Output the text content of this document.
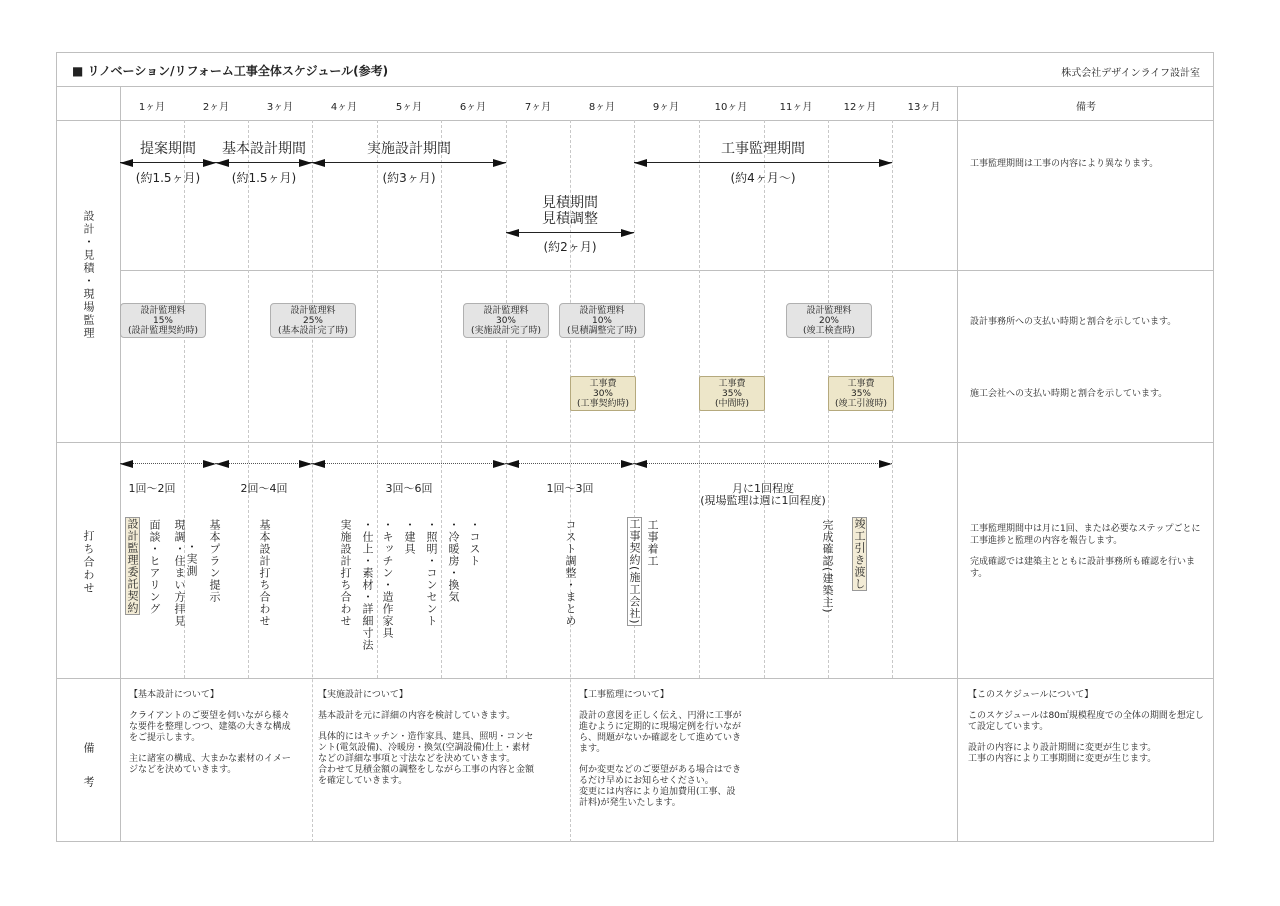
■ リノベーション/リフォーム工事全体スケジュール(参考)	株式会社デザインライフ設計室
1ヶ月	2ヶ月	3ヶ月	4ヶ月	5ヶ月	6ヶ月	7ヶ月	8ヶ月	9ヶ月	10ヶ月	11ヶ月	12ヶ月	13ヶ月	備考
設計・見積・現場監理
打ち合わせ
備　考
提案期間	基本設計期間	実施設計期間	工事監理期間
(約1.5ヶ月)	(約1.5ヶ月)	(約3ヶ月)	(約4ヶ月～)
見積期間
見積調整
(約2ヶ月)
設計監理料
15%
(設計監理契約時)
設計監理料
25%
(基本設計完了時)
設計監理料
30%
(実施設計完了時)
設計監理料
10%
(見積調整完了時)
設計監理料
20%
(竣工検査時)
工事費
30%
(工事契約時)
工事費
35%
(中間時)
工事費
35%
(竣工引渡時)
工事監理期間は工事の内容により異なります。
設計事務所への支払い時期と割合を示しています。
施工会社への支払い時期と割合を示しています。
工事監理期間中は月に1回、または必要なステップごとに工事進捗と監理の内容を報告します。
完成確認では建築主とともに設計事務所も確認を行います。
1回～2回	2回～4回	3回～6回	1回～3回	月に1回程度
(現場監理は週に1回程度)
設計監理委託契約 面談・ヒアリング 現調・住まい方拝見 ・実測 基本プラン提示	基本設計打ち合わせ	実施設計打ち合わせ ・仕上・素材・詳細寸法 ・キッチン・造作家具 ・建具 ・照明・コンセント ・冷暖房・換気 ・コスト	コスト調整・まとめ	工事契約(施工会社) 工事着工	完成確認(建築主) 竣工引き渡し
【基本設計について】
クライアントのご要望を伺いながら様々な要件を整理しつつ、建築の大きな構成をご提示します。
主に諸室の構成、大まかな素材のイメージなどを決めていきます。
【実施設計について】
基本設計を元に詳細の内容を検討していきます。
具体的にはキッチン・造作家具、建具、照明・コンセント(電気設備)、冷暖房・換気(空調設備)仕上・素材などの詳細な事項と寸法などを決めていきます。
合わせて見積金額の調整をしながら工事の内容と金額を確定していきます。
【工事監理について】
設計の意図を正しく伝え、円滑に工事が進むように定期的に現場定例を行いながら、問題がないか確認をして進めていきます。
何か変更などのご要望がある場合はできるだけ早めにお知らせください。
変更には内容により追加費用(工事、設計料)が発生いたします。
【このスケジュールについて】
このスケジュールは80㎡規模程度での全体の期間を想定して設定しています。
設計の内容により設計期間に変更が生じます。
工事の内容により工事期間に変更が生じます。
